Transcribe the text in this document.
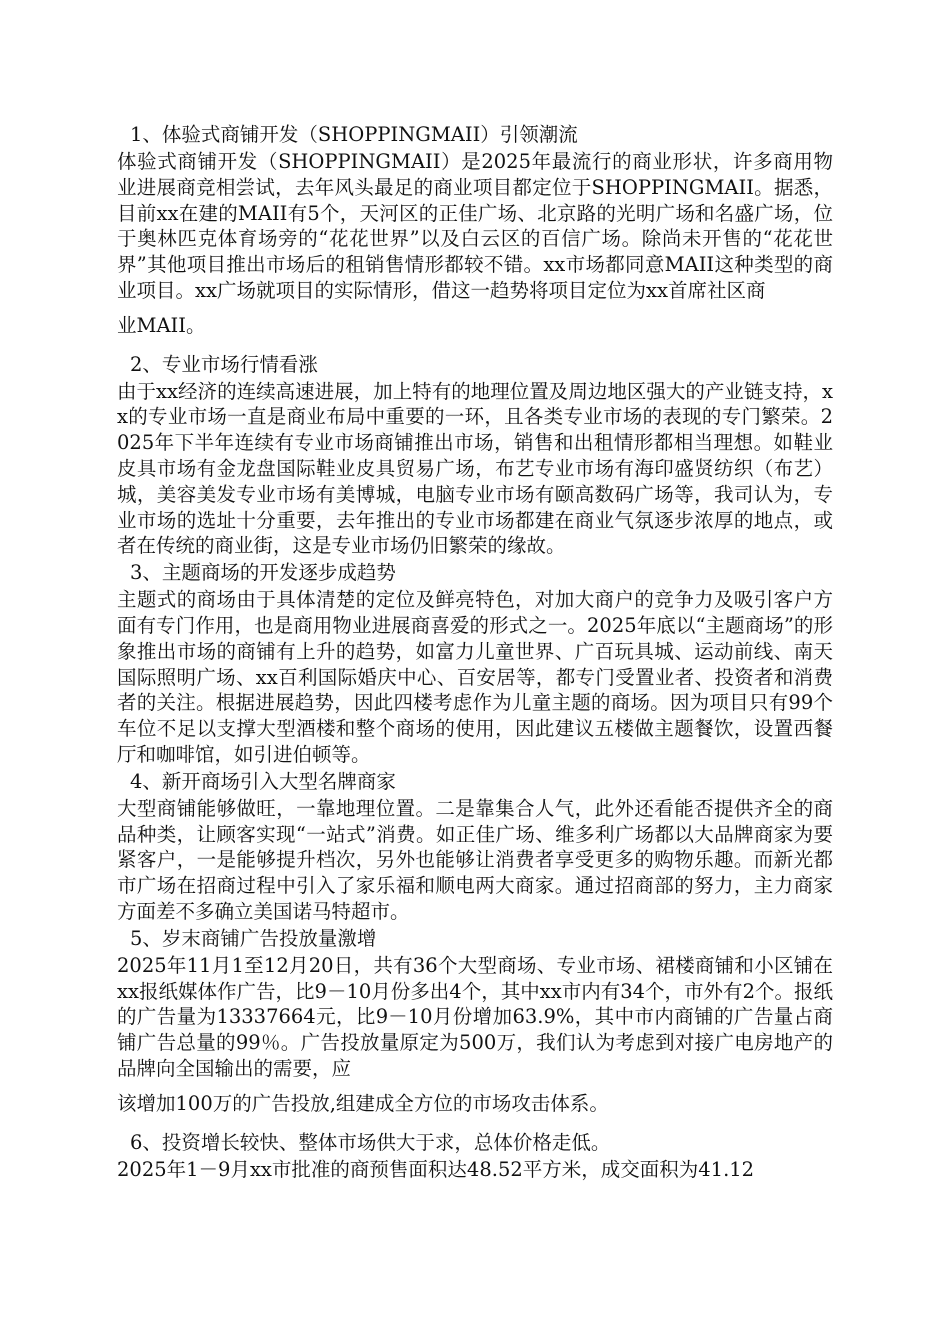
1、体验式商铺开发（SHOPPINGMAII）引领潮流

体验式商铺开发（SHOPPINGMAII）是2025年最流行的商业形状，许多商用物业进展商竞相尝试，去年风头最足的商业项目都定位于SHOPPINGMAII。据悉，目前xx在建的MAII有5个，天河区的正佳广场、北京路的光明广场和名盛广场，位于奥林匹克体育场旁的“花花世界”以及白云区的百信广场。除尚未开售的“花花世界”其他项目推出市场后的租销售情形都较不错。xx市场都同意MAII这种类型的商业项目。xx广场就项目的实际情形，借这一趋势将项目定位为xx首席社区商

业MAII。

2、专业市场行情看涨

由于xx经济的连续高速进展，加上特有的地理位置及周边地区强大的产业链支持，xx的专业市场一直是商业布局中重要的一环，且各类专业市场的表现的专门繁荣。2025年下半年连续有专业市场商铺推出市场，销售和出租情形都相当理想。如鞋业皮具市场有金龙盘国际鞋业皮具贸易广场，布艺专业市场有海印盛贤纺织（布艺）城，美容美发专业市场有美博城，电脑专业市场有颐高数码广场等，我司认为，专业市场的选址十分重要，去年推出的专业市场都建在商业气氛逐步浓厚的地点，或者在传统的商业街，这是专业市场仍旧繁荣的缘故。

3、主题商场的开发逐步成趋势

主题式的商场由于具体清楚的定位及鲜亮特色，对加大商户的竞争力及吸引客户方面有专门作用，也是商用物业进展商喜爱的形式之一。2025年底以“主题商场”的形象推出市场的商铺有上升的趋势，如富力儿童世界、广百玩具城、运动前线、南天国际照明广场、xx百利国际婚庆中心、百安居等，都专门受置业者、投资者和消费者的关注。根据进展趋势，因此四楼考虑作为儿童主题的商场。因为项目只有99个车位不足以支撑大型酒楼和整个商场的使用，因此建议五楼做主题餐饮，设置西餐厅和咖啡馆，如引进伯顿等。

4、新开商场引入大型名牌商家

大型商铺能够做旺，一靠地理位置。二是靠集合人气，此外还看能否提供齐全的商品种类，让顾客实现“一站式”消费。如正佳广场、维多利广场都以大品牌商家为要紧客户，一是能够提升档次，另外也能够让消费者享受更多的购物乐趣。而新光都市广场在招商过程中引入了家乐福和顺电两大商家。通过招商部的努力，主力商家方面差不多确立美国诺马特超市。

5、岁末商铺广告投放量激增

2025年11月1至12月20日，共有36个大型商场、专业市场、裙楼商铺和小区铺在xx报纸媒体作广告，比9－10月份多出4个，其中xx市内有34个，市外有2个。报纸的广告量为13337664元，比9－10月份增加63.9%，其中市内商铺的广告量占商铺广告总量的99％。广告投放量原定为500万，我们认为考虑到对接广电房地产的品牌向全国输出的需要，应

该增加100万的广告投放,组建成全方位的市场攻击体系。

6、投资增长较快、整体市场供大于求，总体价格走低。

2025年1－9月xx市批准的商预售面积达48.52平方米，成交面积为41.12
